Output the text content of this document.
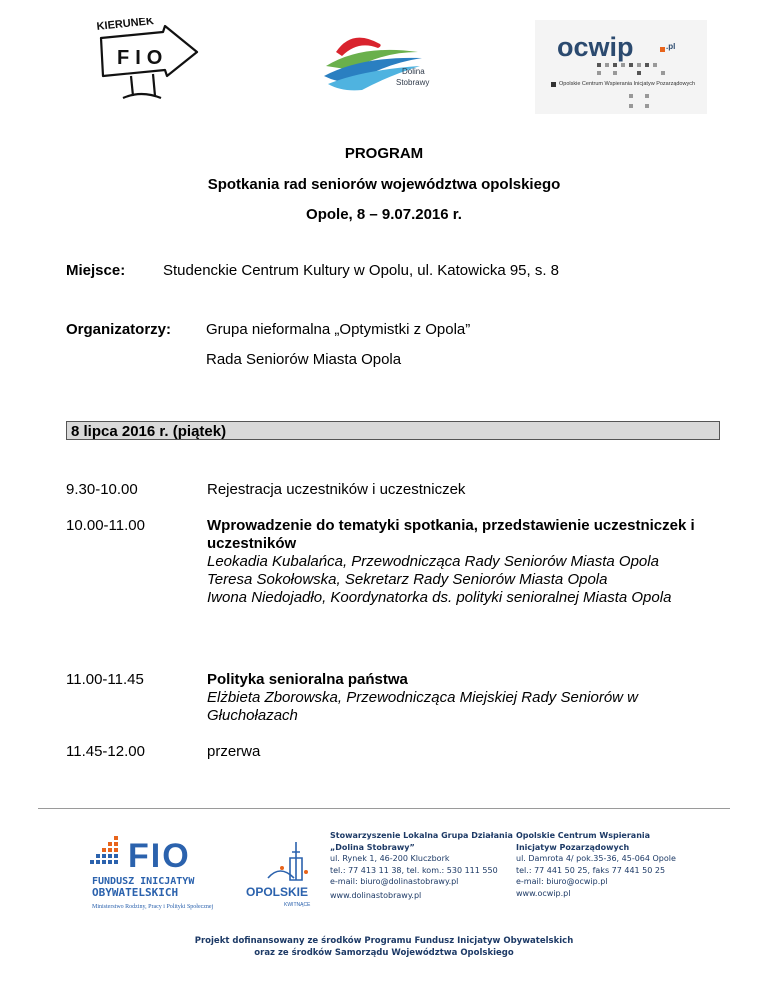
KIERUNEK
FIO
Dolina
Stobrawy
ocwip	.pl
Opolskie Centrum Wspierania Inicjatyw Pozarządowych
PROGRAM
Spotkania rad seniorów województwa opolskiego
Opole, 8 – 9.07.2016 r.
Miejsce:	Studenckie Centrum Kultury w Opolu, ul. Katowicka 95, s. 8
Organizatorzy: Grupa nieformalna „Optymistki z Opola”
Rada Seniorów Miasta Opola
8 lipca 2016 r. (piątek)
9.30-10.00	Rejestracja uczestników i uczestniczek
10.00-11.00	Wprowadzenie do tematyki spotkania, przedstawienie uczestniczek i uczestników
Leokadia Kubalańca, Przewodnicząca Rady Seniorów Miasta Opola
Teresa Sokołowska, Sekretarz Rady Seniorów Miasta Opola
Iwona Niedojadło, Koordynatorka ds. polityki senioralnej Miasta Opola
11.00-11.45	Polityka senioralna państwa
Elżbieta Zborowska, Przewodnicząca Miejskiej Rady Seniorów w Głuchołazach
11.45-12.00	przerwa
FIO
FUNDUSZ INICJATYW
OBYWATELSKICH
Ministerstwo Rodziny, Pracy i Polityki Społecznej
OPOLSKIE
KWITNĄCE
Stowarzyszenie Lokalna Grupa Działania
„Dolina Stobrawy”
ul. Rynek 1, 46-200 Kluczbork
tel.: 77 413 11 38, tel. kom.: 530 111 550
e-mail: biuro@dolinastobrawy.pl
www.dolinastobrawy.pl
Opolskie Centrum Wspierania
Inicjatyw Pozarządowych
ul. Damrota 4/ pok.35-36, 45-064 Opole
tel.: 77 441 50 25, faks 77 441 50 25
e-mail: biuro@ocwip.pl
www.ocwip.pl
Projekt dofinansowany ze środków Programu Fundusz Inicjatyw Obywatelskich
oraz ze środków Samorządu Województwa Opolskiego
